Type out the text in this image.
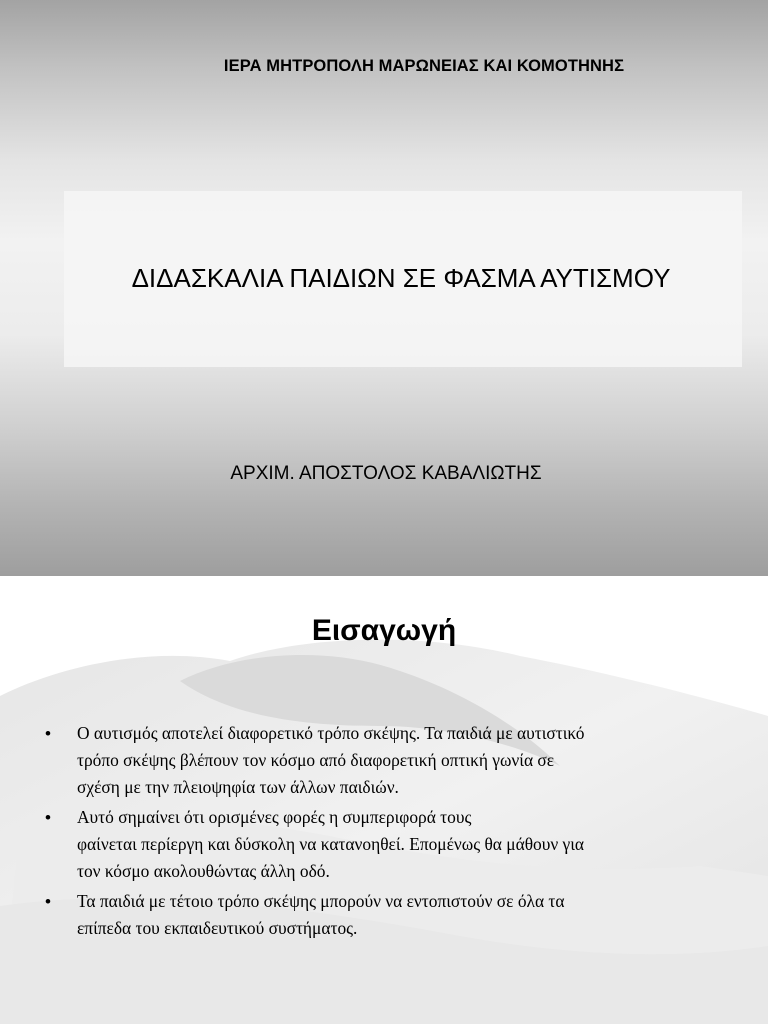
ΙΕΡΑ ΜΗΤΡΟΠΟΛΗ ΜΑΡΩΝΕΙΑΣ ΚΑΙ ΚΟΜΟΤΗΝΗΣ
ΔΙΔΑΣΚΑΛΙΑ ΠΑΙΔΙΩΝ ΣΕ ΦΑΣΜΑ ΑΥΤΙΣΜΟΥ
ΑΡΧΙΜ. ΑΠΟΣΤΟΛΟΣ ΚΑΒΑΛΙΩΤΗΣ
Εισαγωγή
• Ο αυτισμός αποτελεί διαφορετικό τρόπο σκέψης. Τα παιδιά με αυτιστικό
τρόπο σκέψης βλέπουν τον κόσμο από διαφορετική οπτική γωνία σε
σχέση με την πλειοψηφία των άλλων παιδιών.
• Αυτό σημαίνει ότι ορισμένες φορές η συμπεριφορά τους
φαίνεται περίεργη και δύσκολη να κατανοηθεί. Επομένως θα μάθουν για
τον κόσμο ακολουθώντας άλλη οδό.
• Τα παιδιά με τέτοιο τρόπο σκέψης μπορούν να εντοπιστούν σε όλα τα
επίπεδα του εκπαιδευτικού συστήματος.
